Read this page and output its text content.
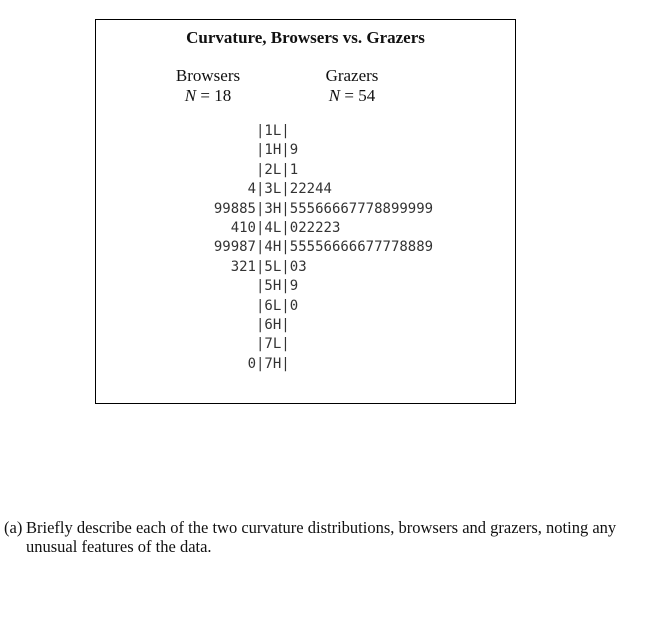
Curvature, Browsers vs. Grazers
Browsers
N = 18
Grazers
N = 54
|1L|
|1H| 9
|2L| 1
4 |3L| 22244
99885 |3H| 55566667778899999
410 |4L| 022223
99987 |4H| 55556666677778889
321 |5L| 03
|5H| 9
|6L| 0
|6H|
|7L|
0 |7H|
(a) Briefly describe each of the two curvature distributions, browsers and grazers, noting any unusual features of the data.
